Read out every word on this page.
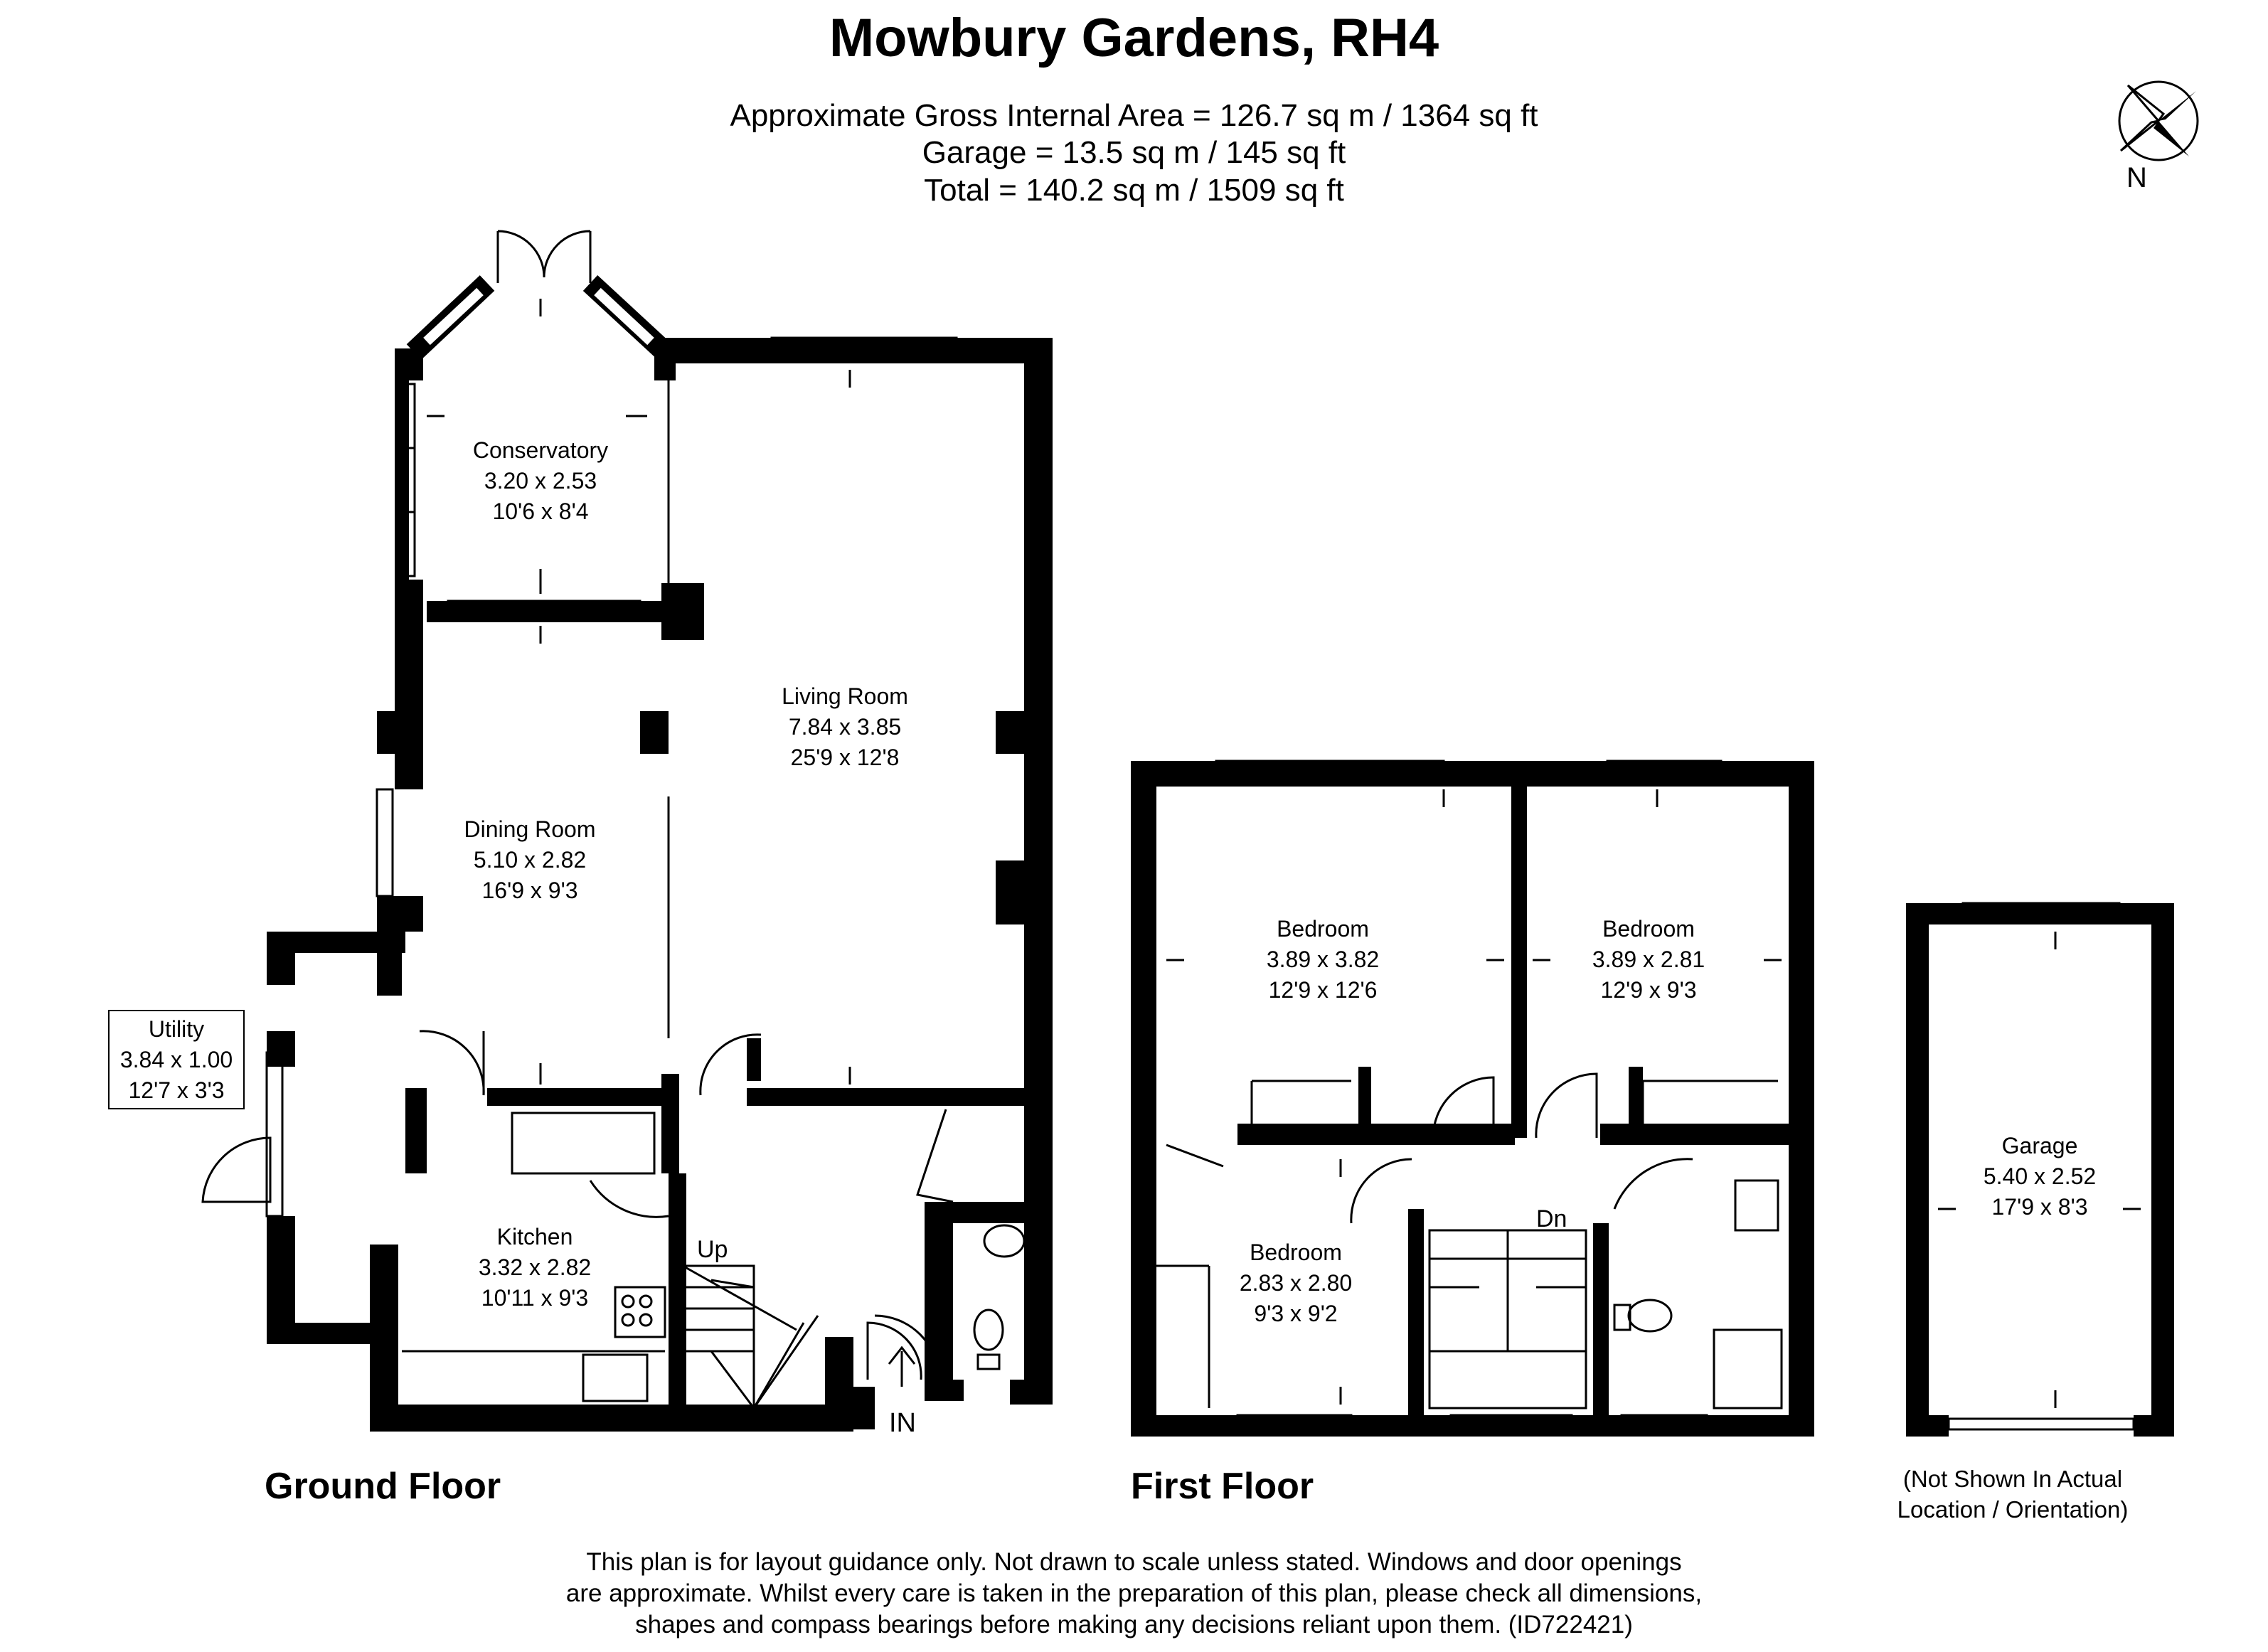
Mowbury Gardens, RH4
Approximate Gross Internal Area = 126.7 sq m / 1364 sq ft
Garage = 13.5 sq m / 145 sq ft
Total = 140.2 sq m / 1509 sq ft	N
Conservatory
3.20 x 2.53
10'6 x 8'4
Living Room
7.84 x 3.85
25'9 x 12'8
Dining Room
5.10 x 2.82
16'9 x 9'3
Utility
3.84 x 1.00
12'7 x 3'3
Kitchen
3.32 x 2.82
10'11 x 9'3
Bedroom
3.89 x 3.82
12'9 x 12'6
Bedroom
3.89 x 2.81
12'9 x 9'3
Bedroom
2.83 x 2.80
9'3 x 9'2
Garage
5.40 x 2.52
17'9 x 8'3
Up
Dn
IN
Ground Floor	First Floor	(Not Shown In Actual
Location / Orientation)
This plan is for layout guidance only. Not drawn to scale unless stated. Windows and door openings
are approximate. Whilst every care is taken in the preparation of this plan, please check all dimensions,
shapes and compass bearings before making any decisions reliant upon them. (ID722421)
